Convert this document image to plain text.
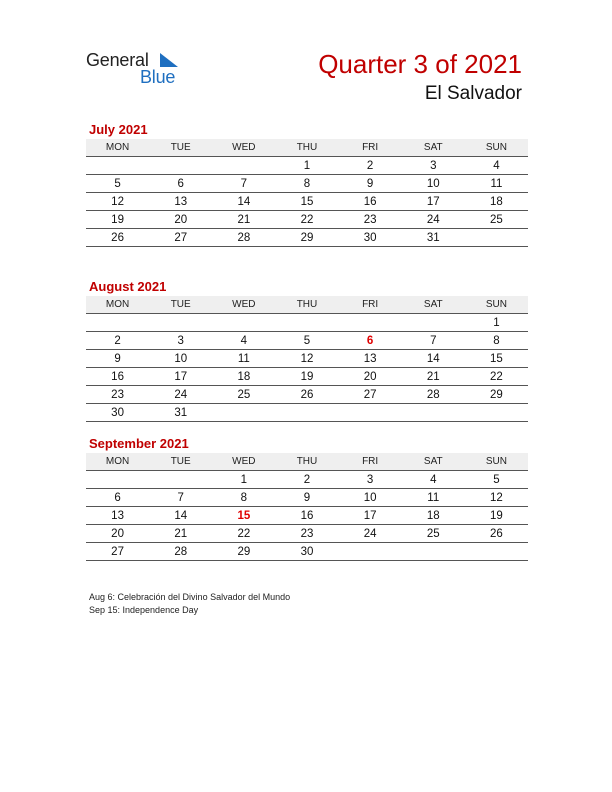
General
Blue	Quarter 3 of 2021
El Salvador
July 2021
MON	TUE	WED	THU	FRI	SAT	SUN
			1	2	3	4
5	6	7	8	9	10	11
12	13	14	15	16	17	18
19	20	21	22	23	24	25
26	27	28	29	30	31	
August 2021
MON	TUE	WED	THU	FRI	SAT	SUN
						1
2	3	4	5	6	7	8
9	10	11	12	13	14	15
16	17	18	19	20	21	22
23	24	25	26	27	28	29
30	31					
September 2021
MON	TUE	WED	THU	FRI	SAT	SUN
		1	2	3	4	5
6	7	8	9	10	11	12
13	14	15	16	17	18	19
20	21	22	23	24	25	26
27	28	29	30			
Aug 6: Celebración del Divino Salvador del Mundo
Sep 15: Independence Day
